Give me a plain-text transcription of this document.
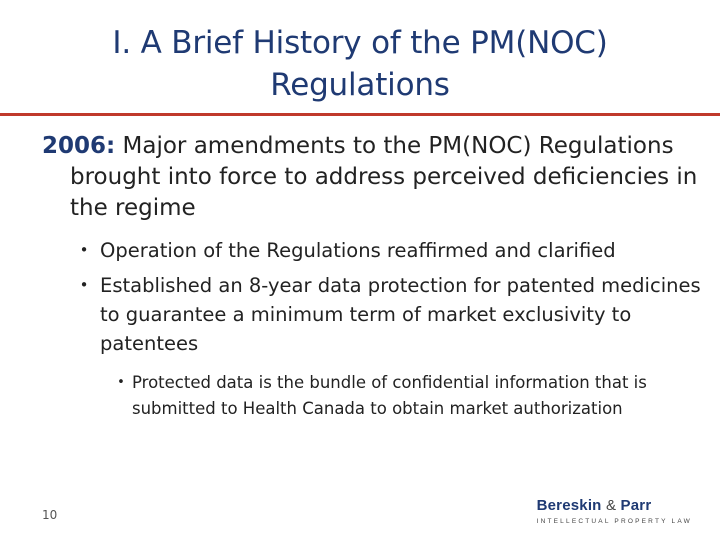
I. A Brief History of the PM(NOC)
Regulations

2006: Major amendments to the PM(NOC) Regulations brought into force to address perceived deficiencies in the regime

• Operation of the Regulations reaffirmed and clarified
• Established an 8-year data protection for patented medicines to guarantee a minimum term of market exclusivity to patentees
• Protected data is the bundle of confidential information that is submitted to Health Canada to obtain market authorization
10
Bereskin & Parr
INTELLECTUAL PROPERTY LAW
